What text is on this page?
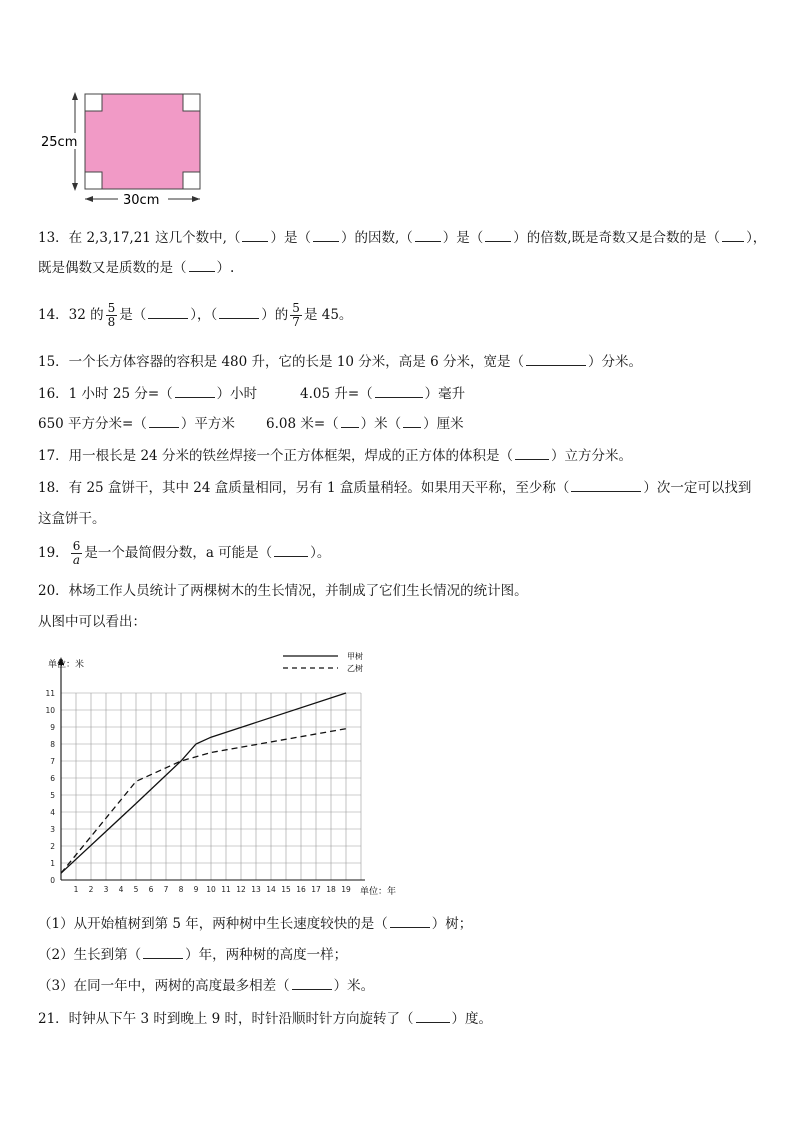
25cm
30cm
13．在 2,3,17,21 这几个数中,（ ）是（ ）的因数,（ ）是（ ）的倍数,既是奇数又是合数的是（ ），
既是偶数又是质数的是（ ）.
14．32 的 $\frac{5}{8}$ 是（	），（	）的 $\frac{5}{7}$ 是 45。
15．一个长方体容器的容积是 480 升，它的长是 10 分米，高是 6 分米，宽是（	）分米。
16．1 小时 25 分=（	）小时	4.05 升=（	）毫升
650 平方分米=（	）平方米 6.08 米=（ ）米（ ）厘米
17．用一根长是 24 分米的铁丝焊接一个正方体框架，焊成的正方体的体积是（	）立方分米。
18．有 25 盒饼干，其中 24 盒质量相同，另有 1 盒质量稍轻。如果用天平称，至少称（	）次一定可以找到
这盒饼干。
19． $\frac{6}{a}$ 是一个最简假分数，a 可能是（	）。
20．林场工作人员统计了两棵树木的生长情况，并制成了它们生长情况的统计图。
从图中可以看出：
1 2 3 4 5 6 7 8 9 10 11 12 13 14 15 16 17 18 19
0
1
2
3
4
5
6
7
8
9
10
11
单位：米
单位：年
甲树
乙树
（1）从开始植树到第 5 年，两种树中生长速度较快的是（	）树；
（2）生长到第（	）年，两种树的高度一样；
（3）在同一年中，两树的高度最多相差（	）米。
21．时钟从下午 3 时到晚上 9 时，时针沿顺时针方向旋转了（	）度。
